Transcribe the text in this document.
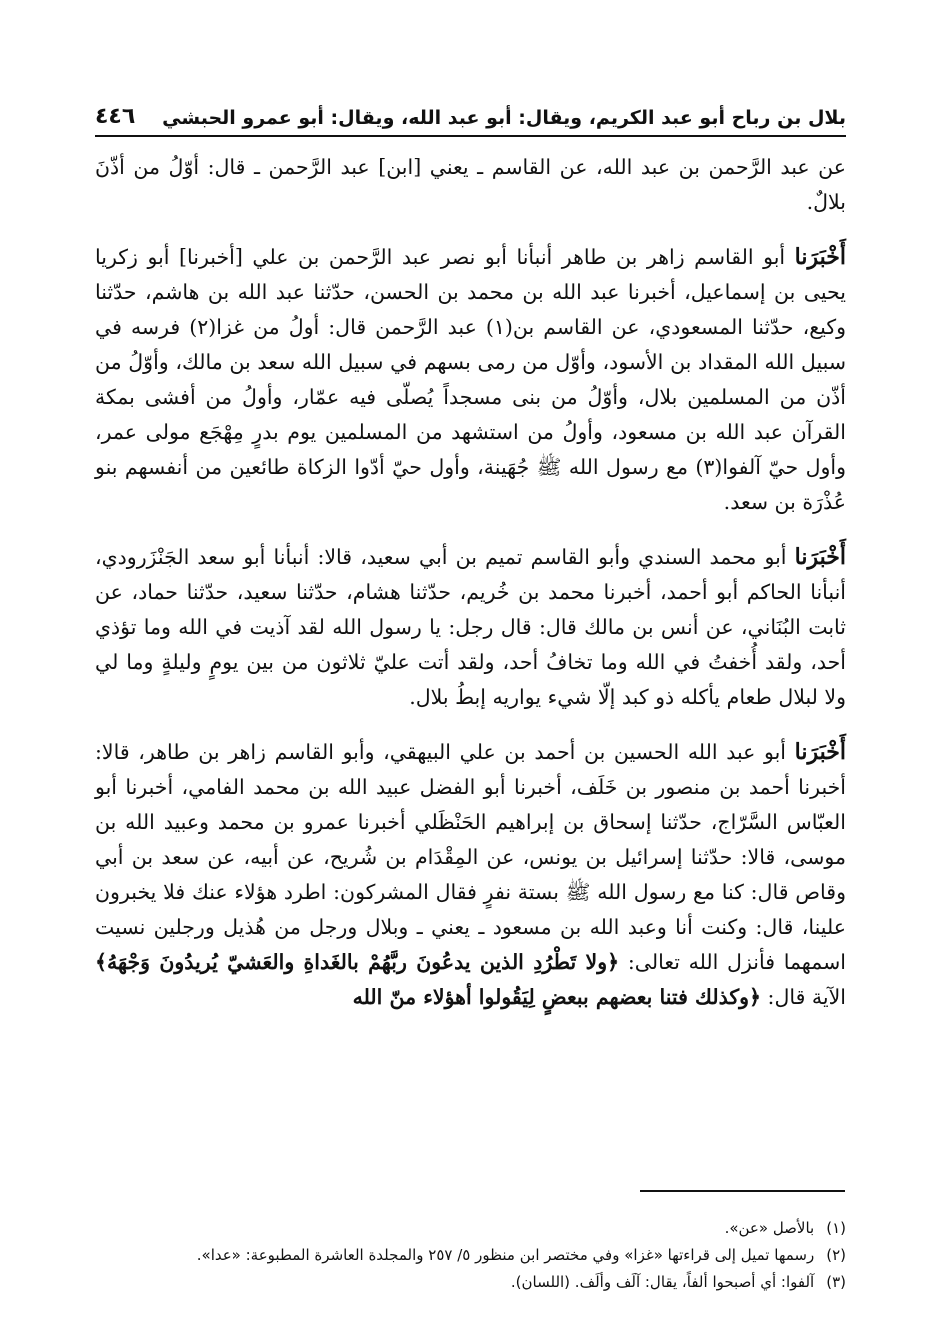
٤٤٦ بلال بن رباح أبو عبد الكريم، ويقال: أبو عبد الله، ويقال: أبو عمرو الحبشي

عن عبد الرَّحمن بن عبد الله، عن القاسم ـ يعني [ابن] عبد الرَّحمن ـ قال: أوّلُ من أذّنَ بلالٌ.

أَخْبَرَنا أبو القاسم زاهر بن طاهر أنبأنا أبو نصر عبد الرَّحمن بن علي [أخبرنا] أبو زكريا يحيى بن إسماعيل، أخبرنا عبد الله بن محمد بن الحسن، حدّثنا عبد الله بن هاشم، حدّثنا وكيع، حدّثنا المسعودي، عن القاسم بن(١) عبد الرَّحمن قال: أولُ من غزا(٢) فرسه في سبيل الله المقداد بن الأسود، وأوّل من رمى بسهم في سبيل الله سعد بن مالك، وأوّلُ من أذّن من المسلمين بلال، وأوّلُ من بنى مسجداً يُصلّى فيه عمّار، وأولُ من أفشى بمكة القرآن عبد الله بن مسعود، وأولُ من استشهد من المسلمين يوم بدرٍ مِهْجَع مولى عمر، وأول حيّ آلفوا(٣) مع رسول الله ﷺ جُهَينة، وأول حيّ أدّوا الزكاة طائعين من أنفسهم بنو عُذْرَة بن سعد.

أَخْبَرَنا أبو محمد السندي وأبو القاسم تميم بن أبي سعيد، قالا: أنبأنا أبو سعد الجَنْزَرودي، أنبأنا الحاكم أبو أحمد، أخبرنا محمد بن خُريم، حدّثنا هشام، حدّثنا سعيد، حدّثنا حماد، عن ثابت البُنَاني، عن أنس بن مالك قال: قال رجل: يا رسول الله لقد آذيت في الله وما تؤذي أحد، ولقد أُخفتُ في الله وما تخافُ أحد، ولقد أتت عليّ ثلاثون من بين يومٍ وليلةٍ وما لي ولا لبلال طعام يأكله ذو كبد إلّا شيء يواريه إبطُ بلال.

أَخْبَرَنا أبو عبد الله الحسين بن أحمد بن علي البيهقي، وأبو القاسم زاهر بن طاهر، قالا: أخبرنا أحمد بن منصور بن خَلَف، أخبرنا أبو الفضل عبيد الله بن محمد الفامي، أخبرنا أبو العبّاس السَّرّاج، حدّثنا إسحاق بن إبراهيم الحَنْظَلي أخبرنا عمرو بن محمد وعبيد الله بن موسى، قالا: حدّثنا إسرائيل بن يونس، عن المِقْدَام بن شُريح، عن أبيه، عن سعد بن أبي وقاص قال: كنا مع رسول الله ﷺ بستة نفرٍ فقال المشركون: اطرد هؤلاء عنك فلا يخبرون علينا، قال: وكنت أنا وعبد الله بن مسعود ـ يعني ـ وبلال ورجل من هُذيل ورجلين نسيت اسمهما فأنزل الله تعالى: ﴿ولا تَطْرُدِ الذين يدعُونَ ربَّهُمْ بالغَداةِ والعَشيّ يُريدُونَ وَجْهَهُ﴾ الآية قال: ﴿وكذلك فتنا بعضهم ببعضٍ لِيَقُولوا أهؤلاء منّ الله

(١)
بالأصل «عن».
(٢)
رسمها تميل إلى قراءتها «غزا» وفي مختصر ابن منظور ٥/ ٢٥٧ والمجلدة العاشرة المطبوعة: «عدا».
(٣)
آلفوا: أي أصبحوا ألفاً، يقال: آلَف وألَف. (اللسان).
